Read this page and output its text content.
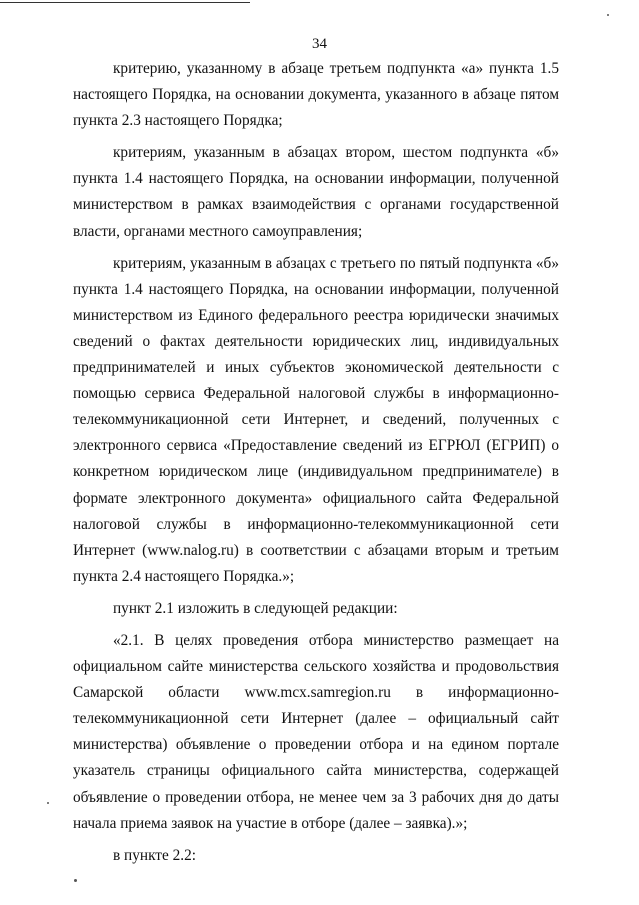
34

критерию, указанному в абзаце третьем подпункта «а» пункта 1.5 настоящего Порядка, на основании документа, указанного в абзаце пятом пункта 2.3 настоящего Порядка;

критериям, указанным в абзацах втором, шестом подпункта «б» пункта 1.4 настоящего Порядка, на основании информации, полученной министерством в рамках взаимодействия с органами государственной власти, органами местного самоуправления;

критериям, указанным в абзацах с третьего по пятый подпункта «б» пункта 1.4 настоящего Порядка, на основании информации, полученной министерством из Единого федерального реестра юридически значимых сведений о фактах деятельности юридических лиц, индивидуальных предпринимателей и иных субъектов экономической деятельности с помощью сервиса Федеральной налоговой службы в информационно-телекоммуникационной сети Интернет, и сведений, полученных с электронного сервиса «Предоставление сведений из ЕГРЮЛ (ЕГРИП) о конкретном юридическом лице (индивидуальном предпринимателе) в формате электронного документа» официального сайта Федеральной налоговой службы в информационно-телекоммуникационной сети Интернет (www.nalog.ru) в соответствии с абзацами вторым и третьим пункта 2.4 настоящего Порядка.»;

пункт 2.1 изложить в следующей редакции:

«2.1. В целях проведения отбора министерство размещает на официальном сайте министерства сельского хозяйства и продовольствия Самарской области www.mcx.samregion.ru в информационно-телекоммуникационной сети Интернет (далее – официальный сайт министерства) объявление о проведении отбора и на едином портале указатель страницы официального сайта министерства, содержащей объявление о проведении отбора, не менее чем за 3 рабочих дня до даты начала приема заявок на участие в отборе (далее – заявка).»;

в пункте 2.2:
